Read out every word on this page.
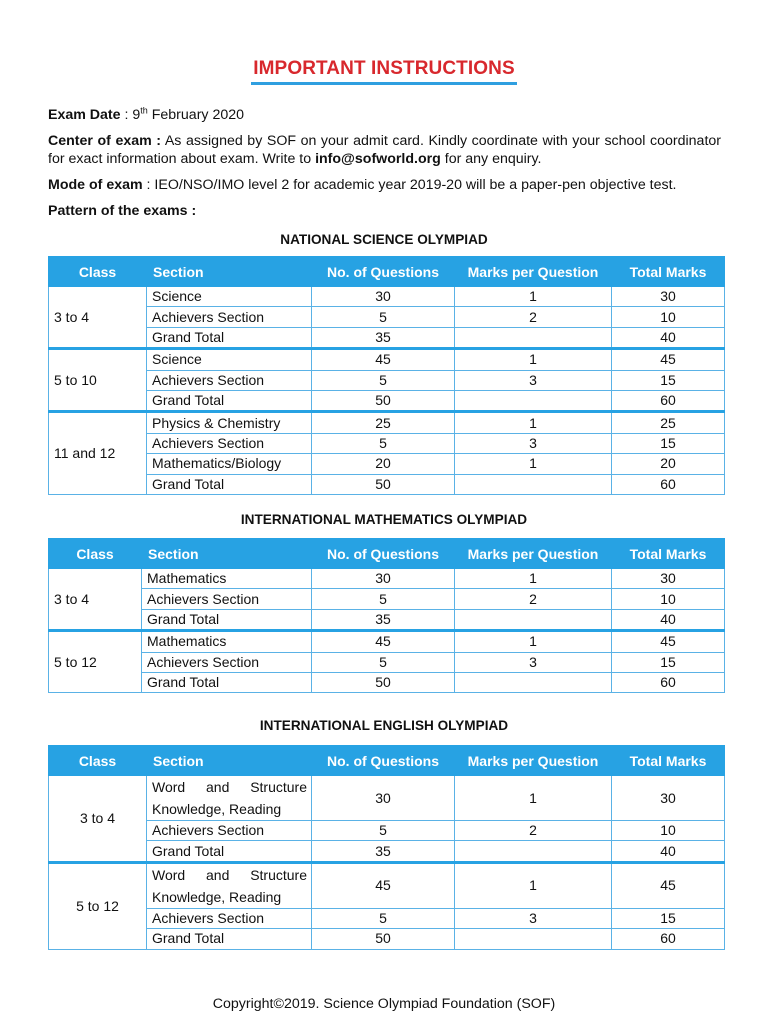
IMPORTANT INSTRUCTIONS
Exam Date : 9th February 2020
Center of exam : As assigned by SOF on your admit card. Kindly coordinate with your school coordinator for exact information about exam. Write to info@sofworld.org for any enquiry.
Mode of exam : IEO/NSO/IMO level 2 for academic year 2019-20 will be a paper-pen objective test.
Pattern of the exams :
NATIONAL SCIENCE OLYMPIAD
Class	Section	No. of Questions	Marks per Question	Total Marks
3 to 4	Science	30	1	30
	Achievers Section	5	2	10
	Grand Total	35		40
5 to 10	Science	45	1	45
	Achievers Section	5	3	15
	Grand Total	50		60
11 and 12	Physics & Chemistry	25	1	25
	Achievers Section	5	3	15
	Mathematics/Biology	20	1	20
	Grand Total	50		60
INTERNATIONAL MATHEMATICS OLYMPIAD
Class	Section	No. of Questions	Marks per Question	Total Marks
3 to 4	Mathematics	30	1	30
	Achievers Section	5	2	10
	Grand Total	35		40
5 to 12	Mathematics	45	1	45
	Achievers Section	5	3	15
	Grand Total	50		60
INTERNATIONAL ENGLISH OLYMPIAD
Class	Section	No. of Questions	Marks per Question	Total Marks
3 to 4	Word and Structure Knowledge, Reading	30	1	30
	Achievers Section	5	2	10
	Grand Total	35		40
5 to 12	Word and Structure Knowledge, Reading	45	1	45
	Achievers Section	5	3	15
	Grand Total	50		60
Copyright©2019. Science Olympiad Foundation (SOF)
